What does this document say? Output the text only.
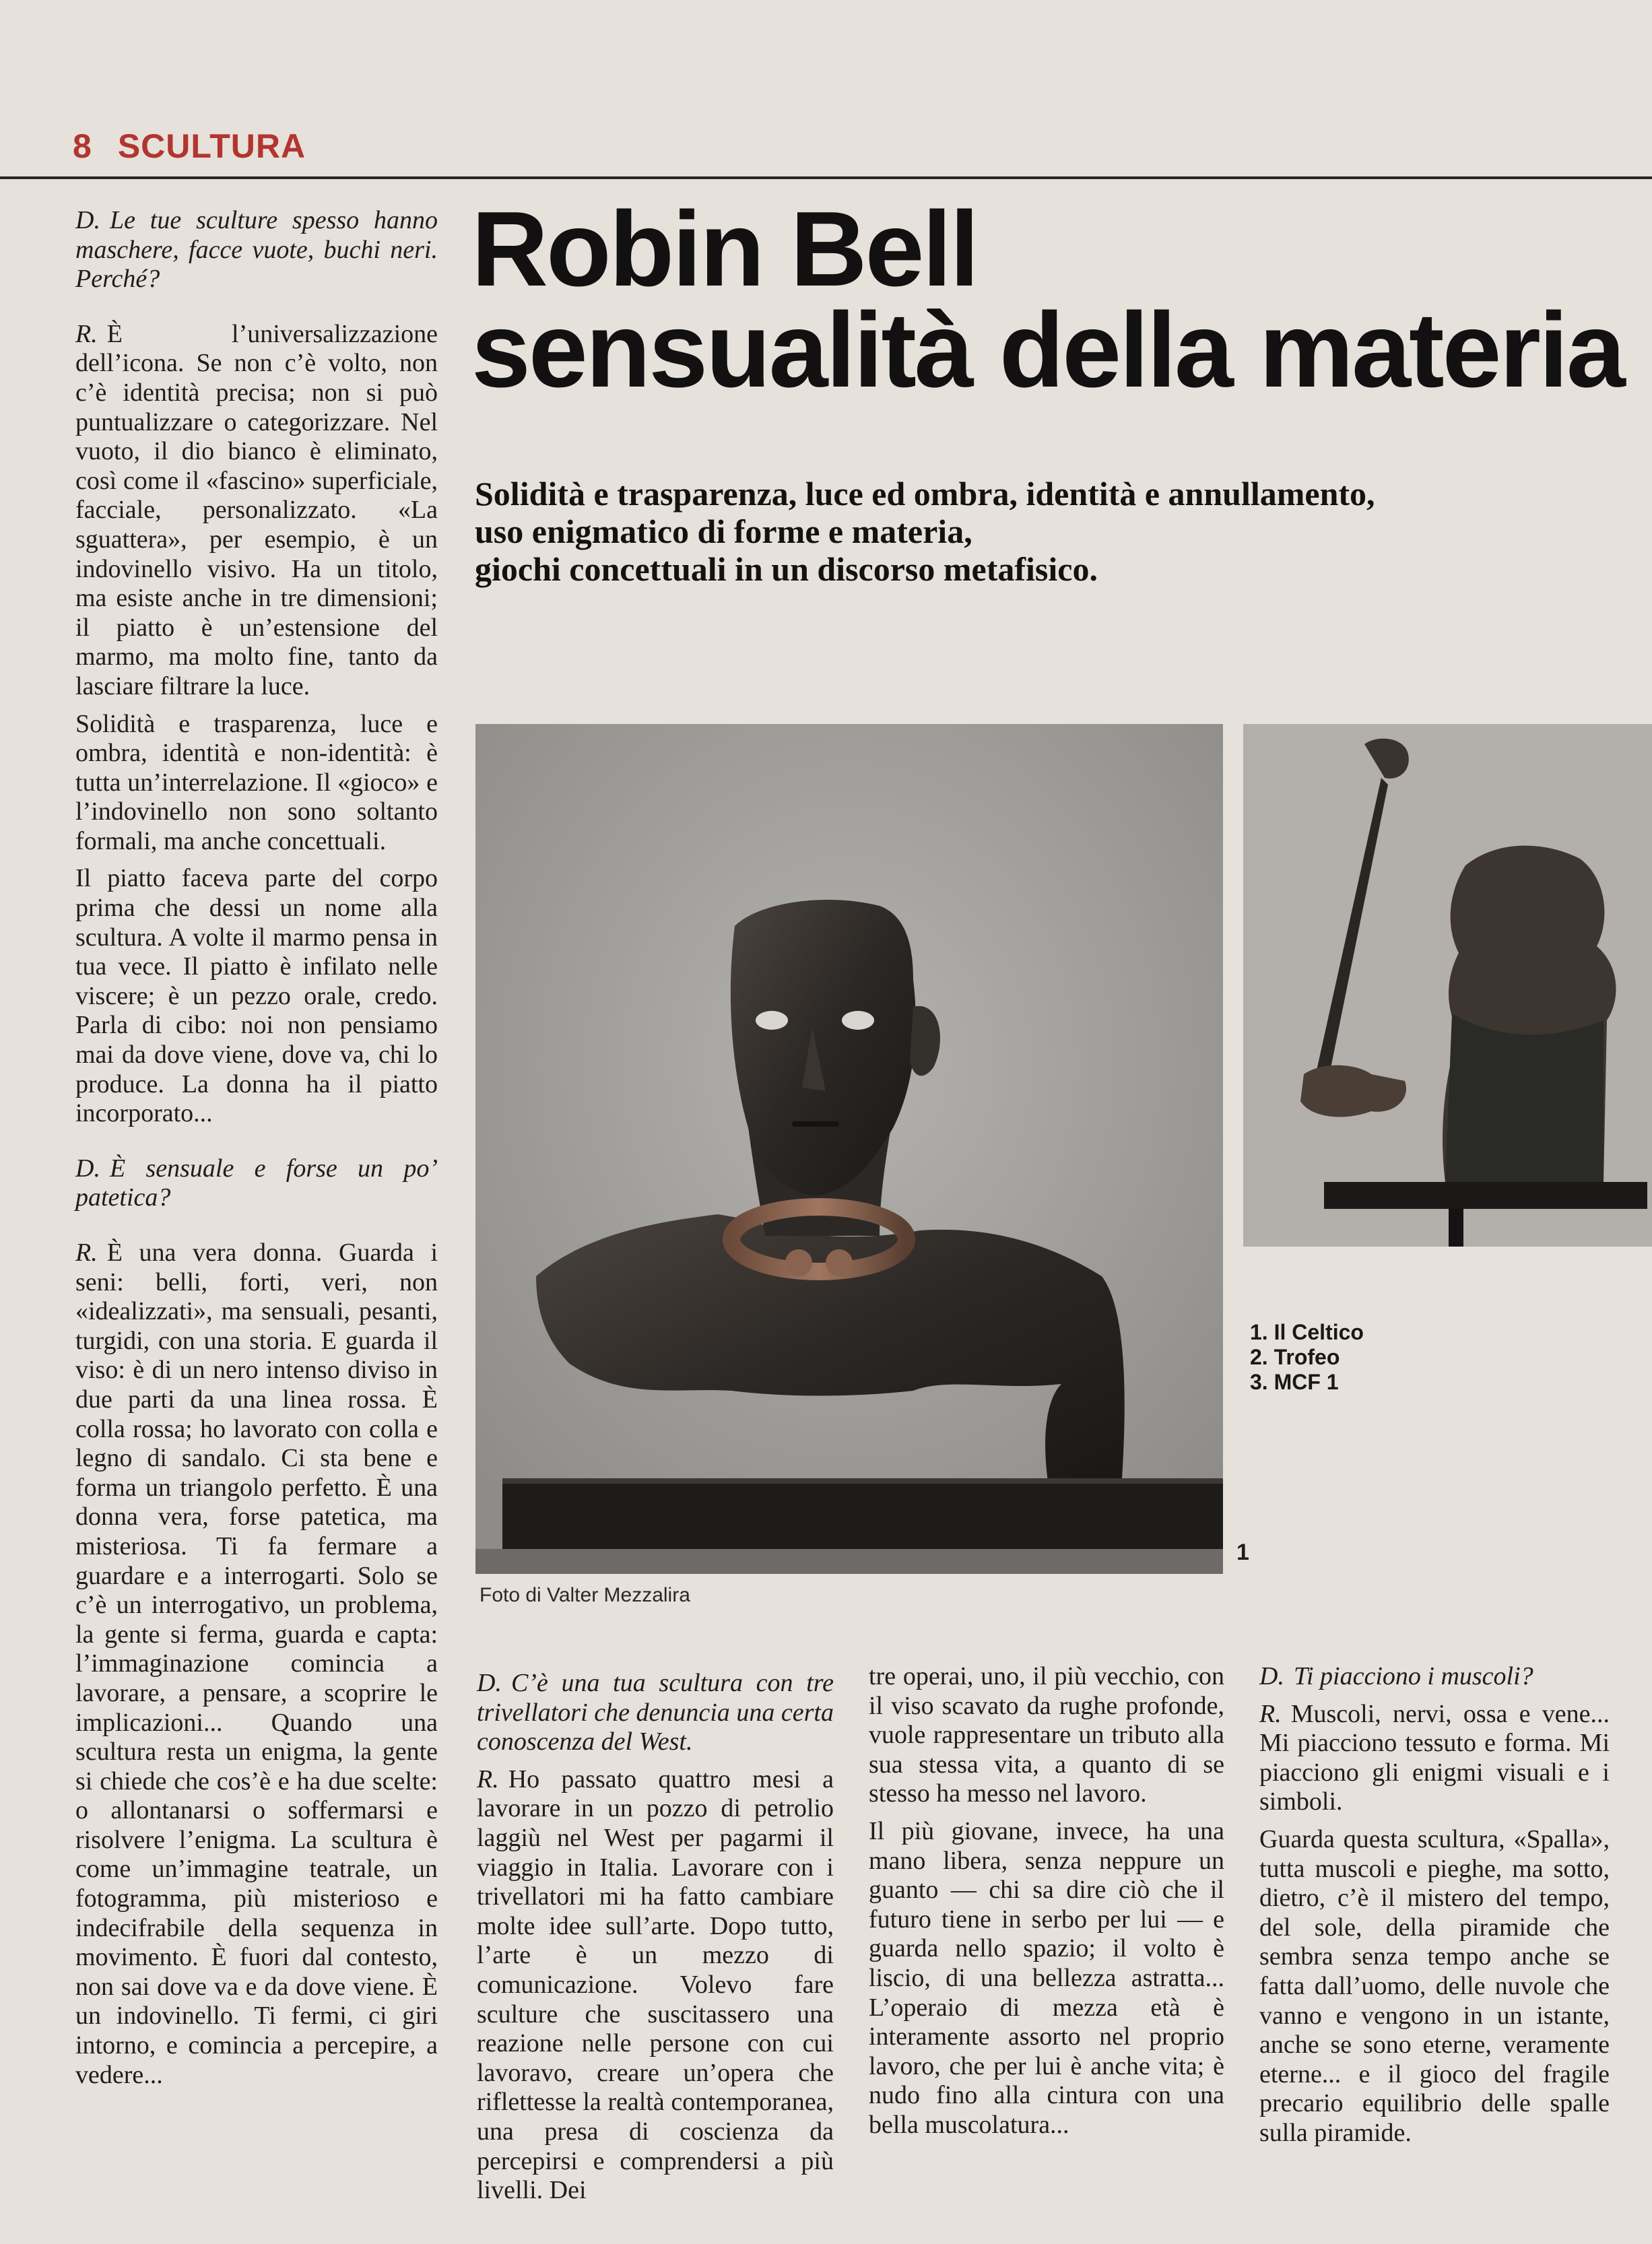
8 SCULTURA
Robin Bell
sensualità della materia
Solidità e trasparenza, luce ed ombra, identità e annullamento,
uso enigmatico di forme e materia,
giochi concettuali in un discorso metafisico.

D. Le tue sculture spesso hanno maschere, facce vuote, buchi neri. Perché?

R. È l’universalizzazione dell’icona. Se non c’è volto, non c’è identità precisa; non si può puntualizzare o categorizzare. Nel vuoto, il dio bianco è eliminato, così come il «fascino» superficiale, facciale, personalizzato. «La sguattera», per esempio, è un indovinello visivo. Ha un titolo, ma esiste anche in tre dimensioni; il piatto è un’estensione del marmo, ma molto fine, tanto da lasciare filtrare la luce.

Solidità e trasparenza, luce e ombra, identità e non-identità: è tutta un’interrelazione. Il «gioco» e l’indovinello non sono soltanto formali, ma anche concettuali.

Il piatto faceva parte del corpo prima che dessi un nome alla scultura. A volte il marmo pensa in tua vece. Il piatto è infilato nelle viscere; è un pezzo orale, credo. Parla di cibo: noi non pensiamo mai da dove viene, dove va, chi lo produce. La donna ha il piatto incorporato...

D. È sensuale e forse un po’ patetica?

R. È una vera donna. Guarda i seni: belli, forti, veri, non «idealizzati», ma sensuali, pesanti, turgidi, con una storia. E guarda il viso: è di un nero intenso diviso in due parti da una linea rossa. È colla rossa; ho lavorato con colla e legno di sandalo. Ci sta bene e forma un triangolo perfetto. È una donna vera, forse patetica, ma misteriosa. Ti fa fermare a guardare e a interrogarti. Solo se c’è un interrogativo, un problema, la gente si ferma, guarda e capta: l’immaginazione comincia a lavorare, a pensare, a scoprire le implicazioni... Quando una scultura resta un enigma, la gente si chiede che cos’è e ha due scelte: o allontanarsi o soffermarsi e risolvere l’enigma. La scultura è come un’immagine teatrale, un fotogramma, più misterioso e indecifrabile della sequenza in movimento. È fuori dal contesto, non sai dove va e da dove viene. È un indovinello. Ti fermi, ci giri intorno, e comincia a percepire, a vedere...

1. Il Celtico
2. Trofeo
3. MCF 1
1
Foto di Valter Mezzalira

D. C’è una tua scultura con tre trivellatori che denuncia una certa conoscenza del West.

R. Ho passato quattro mesi a lavorare in un pozzo di petrolio laggiù nel West per pagarmi il viaggio in Italia. Lavorare con i trivellatori mi ha fatto cambiare molte idee sull’arte. Dopo tutto, l’arte è un mezzo di comunicazione. Volevo fare sculture che suscitassero una reazione nelle persone con cui lavoravo, creare un’opera che riflettesse la realtà contemporanea, una presa di coscienza da percepirsi e comprendersi a più livelli. Dei

tre operai, uno, il più vecchio, con il viso scavato da rughe profonde, vuole rappresentare un tributo alla sua stessa vita, a quanto di se stesso ha messo nel lavoro.

Il più giovane, invece, ha una mano libera, senza neppure un guanto — chi sa dire ciò che il futuro tiene in serbo per lui — e guarda nello spazio; il volto è liscio, di una bellezza astratta... L’operaio di mezza età è interamente assorto nel proprio lavoro, che per lui è anche vita; è nudo fino alla cintura con una bella muscolatura...

D. Ti piacciono i muscoli?

R. Muscoli, nervi, ossa e vene... Mi piacciono tessuto e forma. Mi piacciono gli enigmi visuali e i simboli.

Guarda questa scultura, «Spalla», tutta muscoli e pieghe, ma sotto, dietro, c’è il mistero del tempo, del sole, della piramide che sembra senza tempo anche se fatta dall’uomo, delle nuvole che vanno e vengono in un istante, anche se sono eterne, veramente eterne... e il gioco del fragile precario equilibrio delle spalle sulla piramide.
